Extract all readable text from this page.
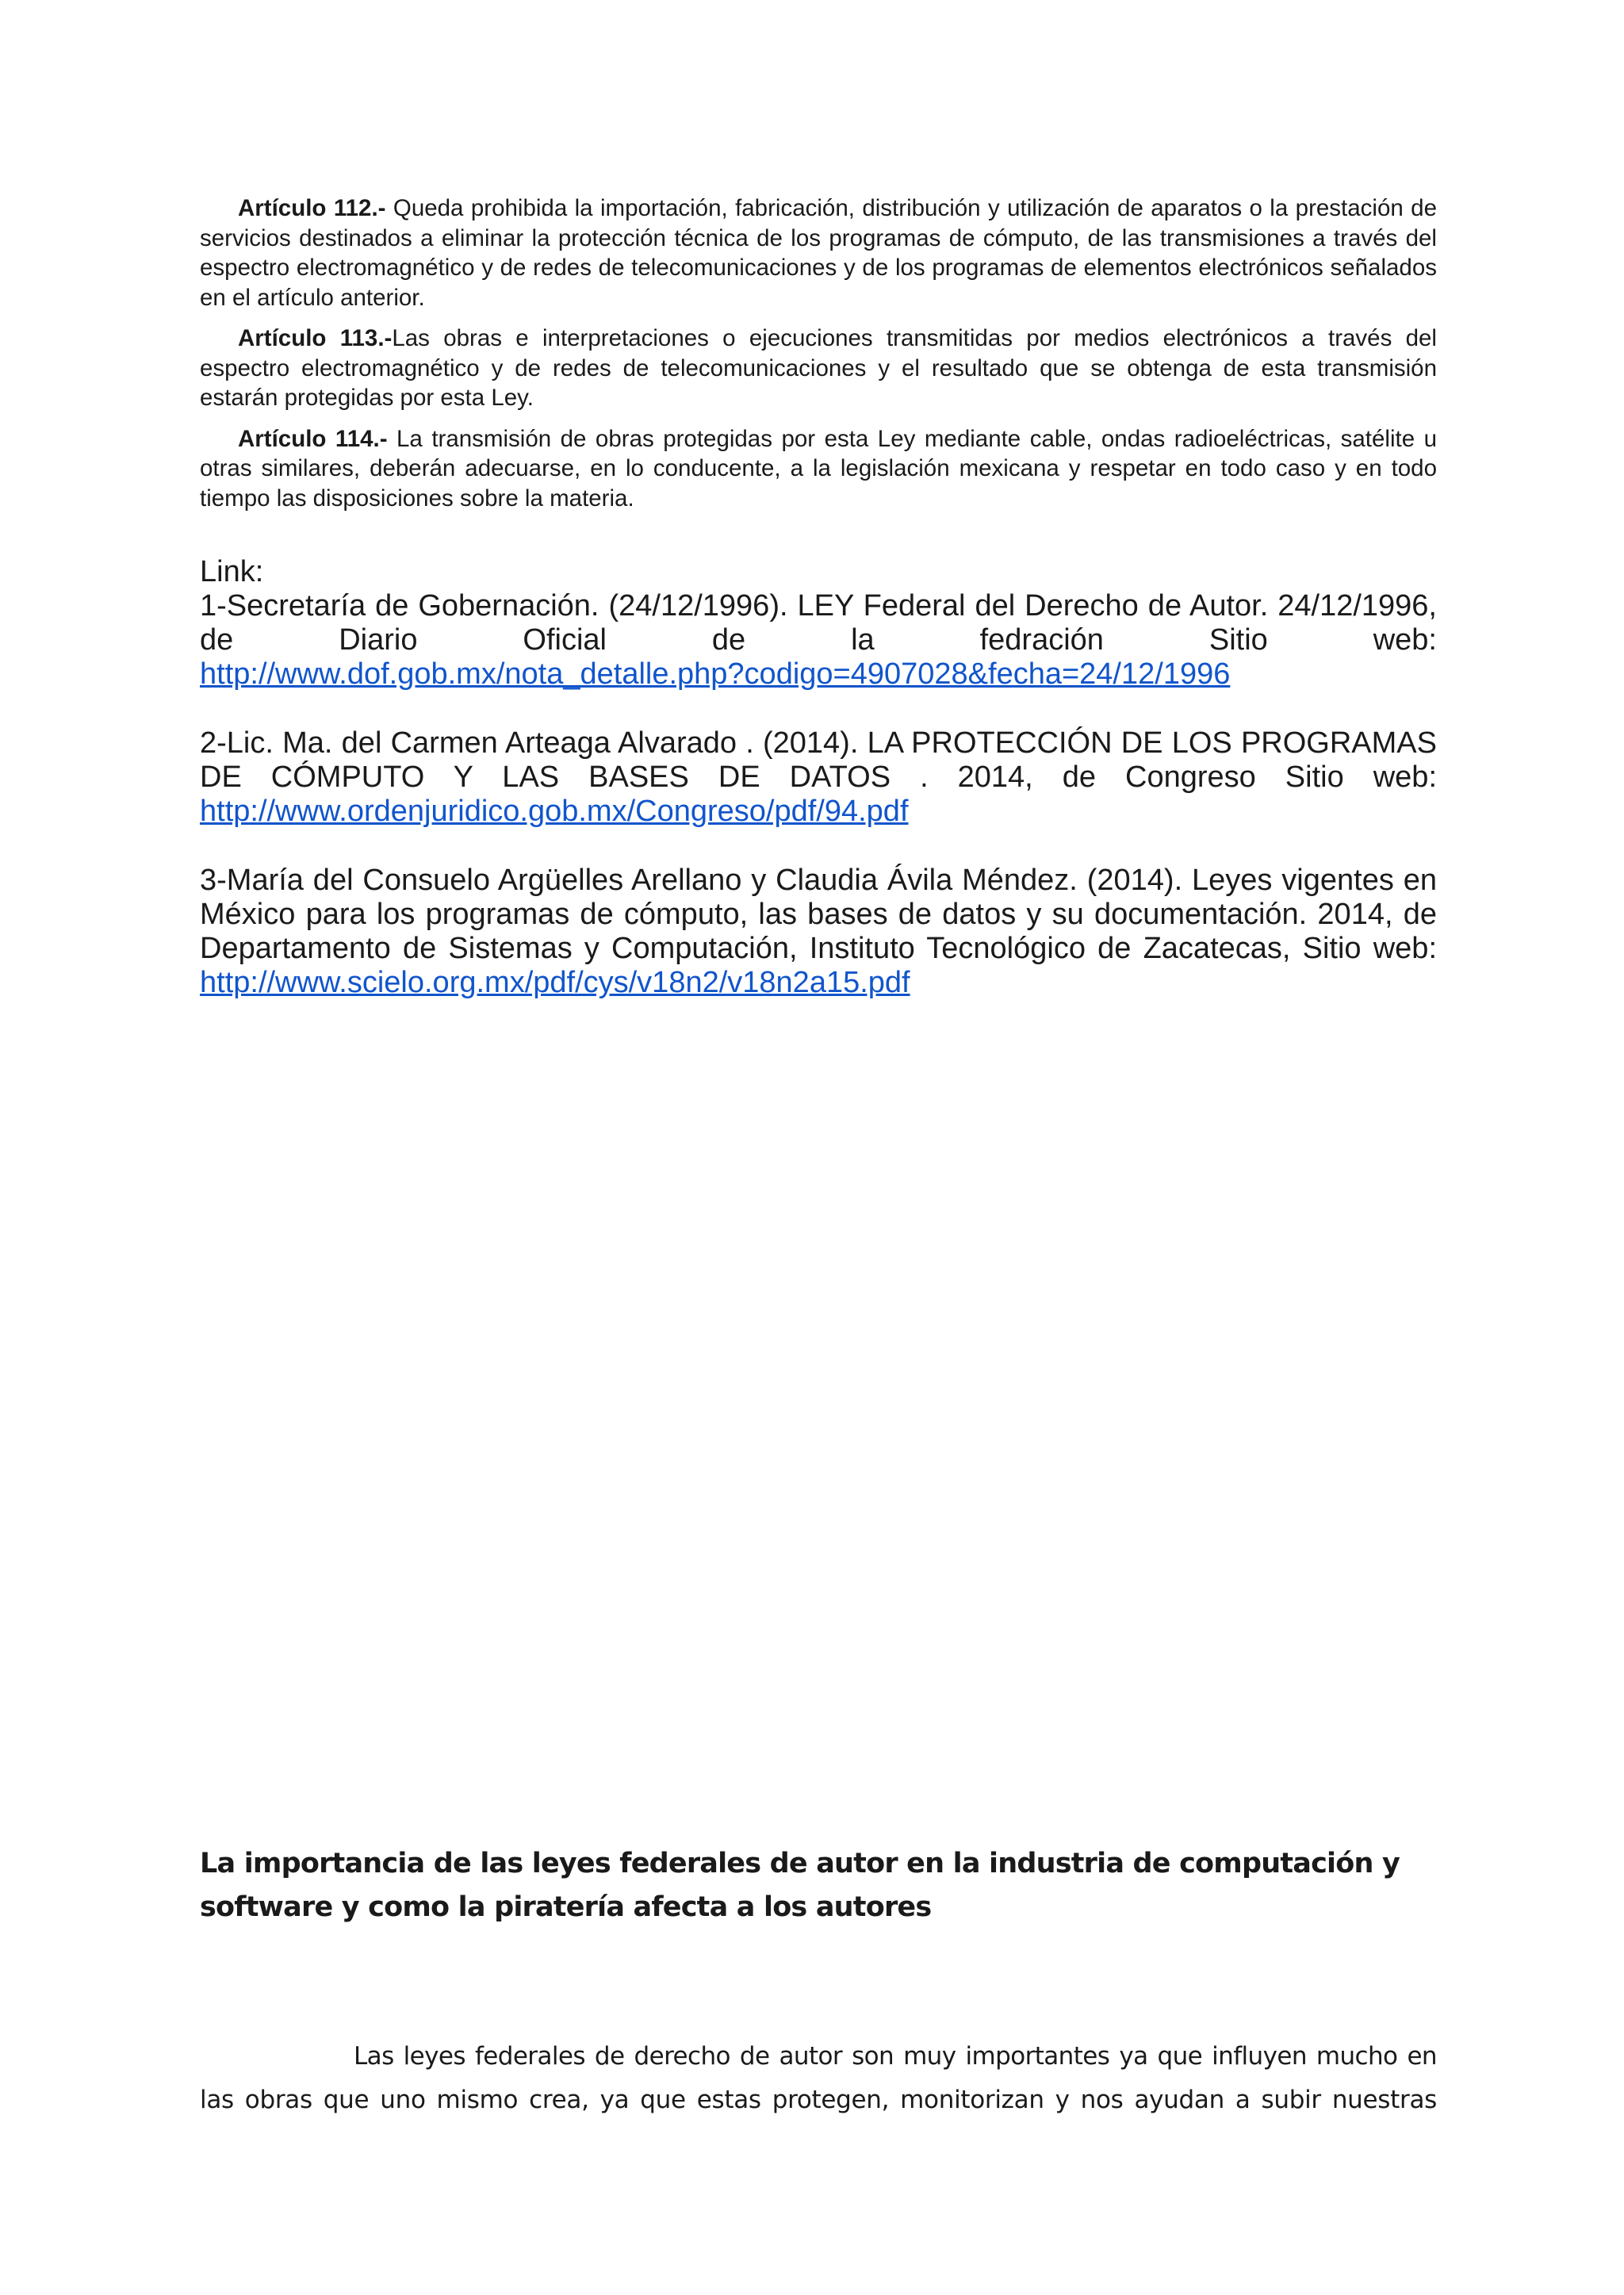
Artículo 112.- Queda prohibida la importación, fabricación, distribución y utilización de aparatos o la prestación de servicios destinados a eliminar la protección técnica de los programas de cómputo, de las transmisiones a través del espectro electromagnético y de redes de telecomunicaciones y de los programas de elementos electrónicos señalados en el artículo anterior.

Artículo 113.-Las obras e interpretaciones o ejecuciones transmitidas por medios electrónicos a través del espectro electromagnético y de redes de telecomunicaciones y el resultado que se obtenga de esta transmisión estarán protegidas por esta Ley.

Artículo 114.- La transmisión de obras protegidas por esta Ley mediante cable, ondas radioeléctricas, satélite u otras similares, deberán adecuarse, en lo conducente, a la legislación mexicana y respetar en todo caso y en todo tiempo las disposiciones sobre la materia.

Link:

1-Secretaría de Gobernación. (24/12/1996). LEY Federal del Derecho de Autor. 24/12/1996, de Diario Oficial de la fedración Sitio web:

http://www.dof.gob.mx/nota_detalle.php?codigo=4907028&fecha=24/12/1996

2-Lic. Ma. del Carmen Arteaga Alvarado . (2014). LA PROTECCIÓN DE LOS PROGRAMAS DE CÓMPUTO Y LAS BASES DE DATOS . 2014, de Congreso Sitio web:

http://www.ordenjuridico.gob.mx/Congreso/pdf/94.pdf

3-María del Consuelo Argüelles Arellano y Claudia Ávila Méndez. (2014). Leyes vigentes en México para los programas de cómputo, las bases de datos y su documentación. 2014, de Departamento de Sistemas y Computación, Instituto Tecnológico de Zacatecas, Sitio web:

http://www.scielo.org.mx/pdf/cys/v18n2/v18n2a15.pdf

La importancia de las leyes federales de autor en la industria de computación y software y como la piratería afecta a los autores

Las leyes federales de derecho de autor son muy importantes ya que influyen mucho en

las obras que uno mismo crea, ya que estas protegen, monitorizan y nos ayudan a subir nuestras
